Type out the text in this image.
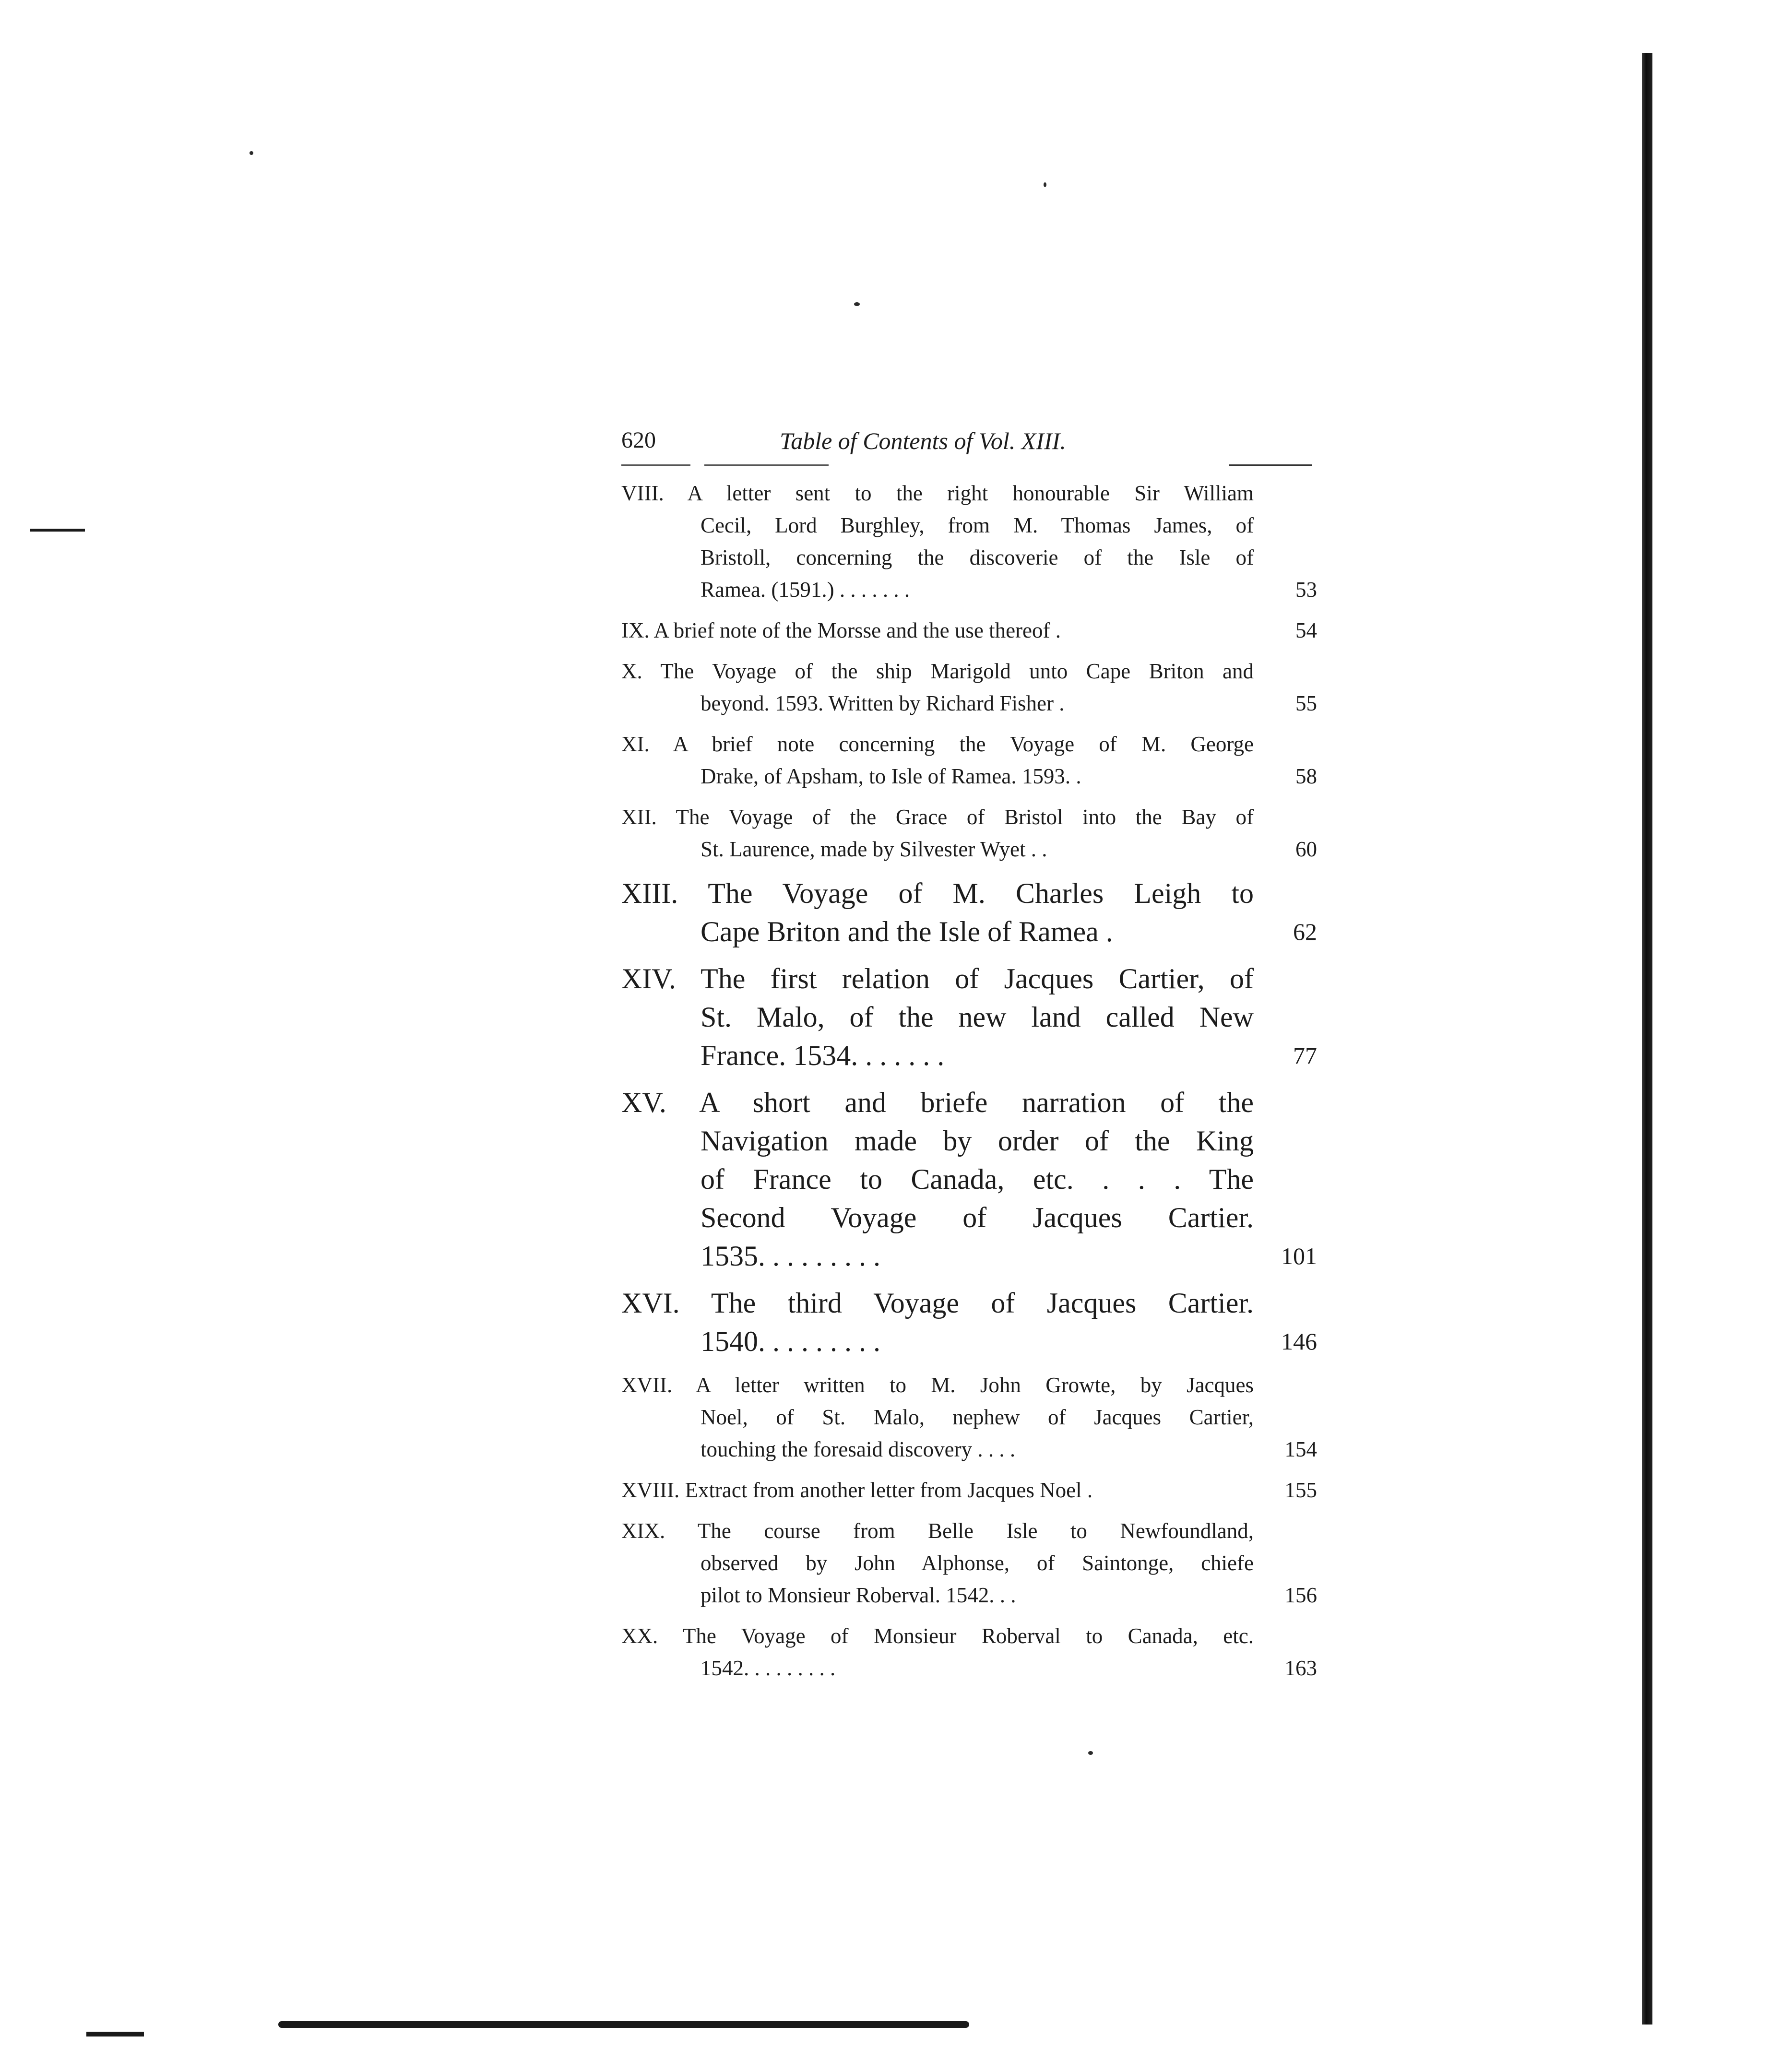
620	Table of Contents of Vol. XIII.
VIII. A letter sent to the right honourable Sir William
Cecil, Lord Burghley, from M. Thomas James, of
Bristoll, concerning the discoverie of the Isle of
Ramea. (1591.) . . . . . . .	53
IX. A brief note of the Morsse and the use thereof .	54
X. The Voyage of the ship Marigold unto Cape Briton and
beyond. 1593. Written by Richard Fisher .	55
XI. A brief note concerning the Voyage of M. George
Drake, of Apsham, to Isle of Ramea. 1593. .	58
XII. The Voyage of the Grace of Bristol into the Bay of
St. Laurence, made by Silvester Wyet . .	60
XIII. The Voyage of M. Charles Leigh to
Cape Briton and the Isle of Ramea .	62
XIV. The first relation of Jacques Cartier, of
St. Malo, of the new land called New
France. 1534. . . . . . .	77
XV. A short and briefe narration of the
Navigation made by order of the King
of France to Canada, etc. . . . The
Second Voyage of Jacques Cartier.
1535. . . . . . . . .	101
XVI. The third Voyage of Jacques Cartier.
1540. . . . . . . . .	146
XVII. A letter written to M. John Growte, by Jacques
Noel, of St. Malo, nephew of Jacques Cartier,
touching the foresaid discovery . . . .	154
XVIII. Extract from another letter from Jacques Noel .	155
XIX. The course from Belle Isle to Newfoundland,
observed by John Alphonse, of Saintonge, chiefe
pilot to Monsieur Roberval. 1542. . .	156
XX. The Voyage of Monsieur Roberval to Canada, etc.
1542. . . . . . . . .	163
